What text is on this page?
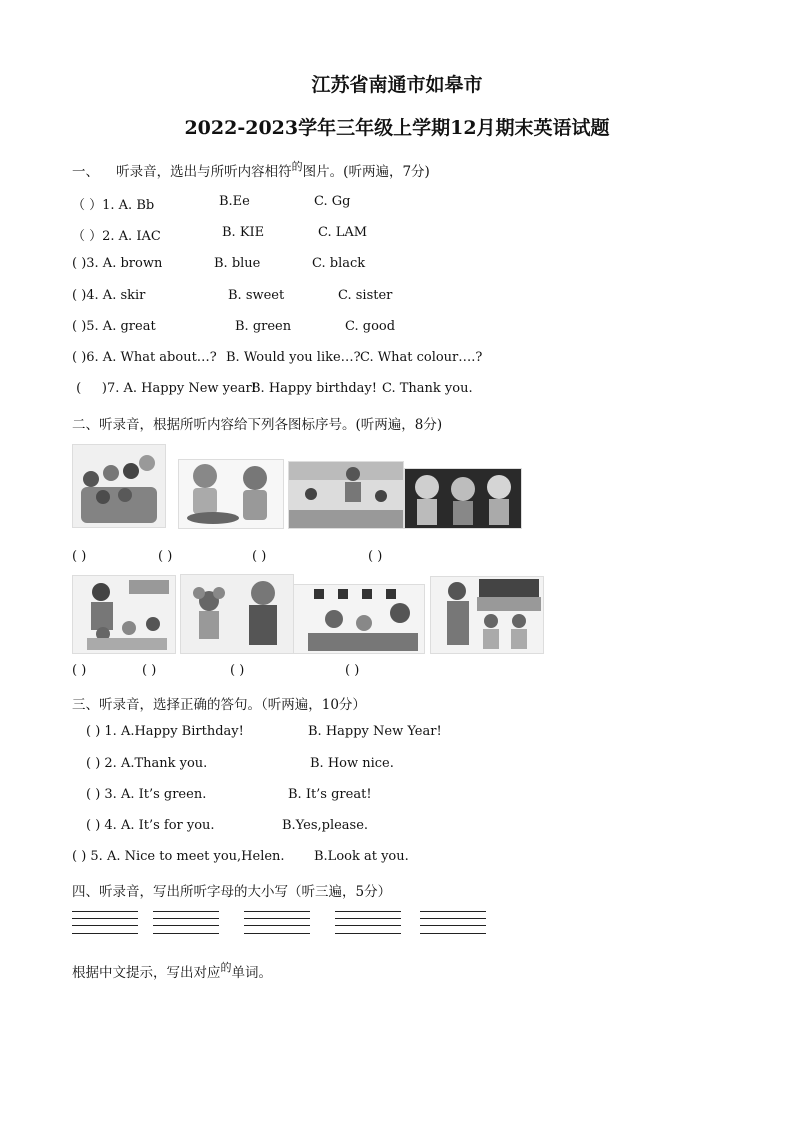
江苏省南通市如皋市
2022-2023学年三年级上学期12月期末英语试题
一、    听录音，选出与所听内容相符$^的$图片。(听两遍，7分)
（ ）1. A. Bb	B.Ee	C. Gg
（ ）2. A. IAC	B. KIE	C. LAM
( )3. A. brown	B. blue	C. black
( )4. A. skir	B. sweet	C. sister
( )5. A. great	B. green	C. good
( )6. A. What about…? B. Would you like…? C. What colour….?
(     )7. A. Happy New year!
B. Happy birthday! C. Thank you.
二、听录音，根据所听内容给下列各图标序号。(听两遍，8分)
( )	( )	( )	( )
( )	( )	( )	( )
三、听录音，选择正确的答句。（听两遍，10分）
( ) 1. A.Happy Birthday!	B. Happy New Year!
( ) 2. A.Thank you.	B. How nice.
( ) 3. A. It’s green.	B. It’s great!
( ) 4. A. It’s for you.	B.Yes,please.
( ) 5. A. Nice to meet you,Helen. B.Look at you.
四、听录音，写出所听字母的大小写（听三遍，5分）
根据中文提示，写出对应$^的$单词。
